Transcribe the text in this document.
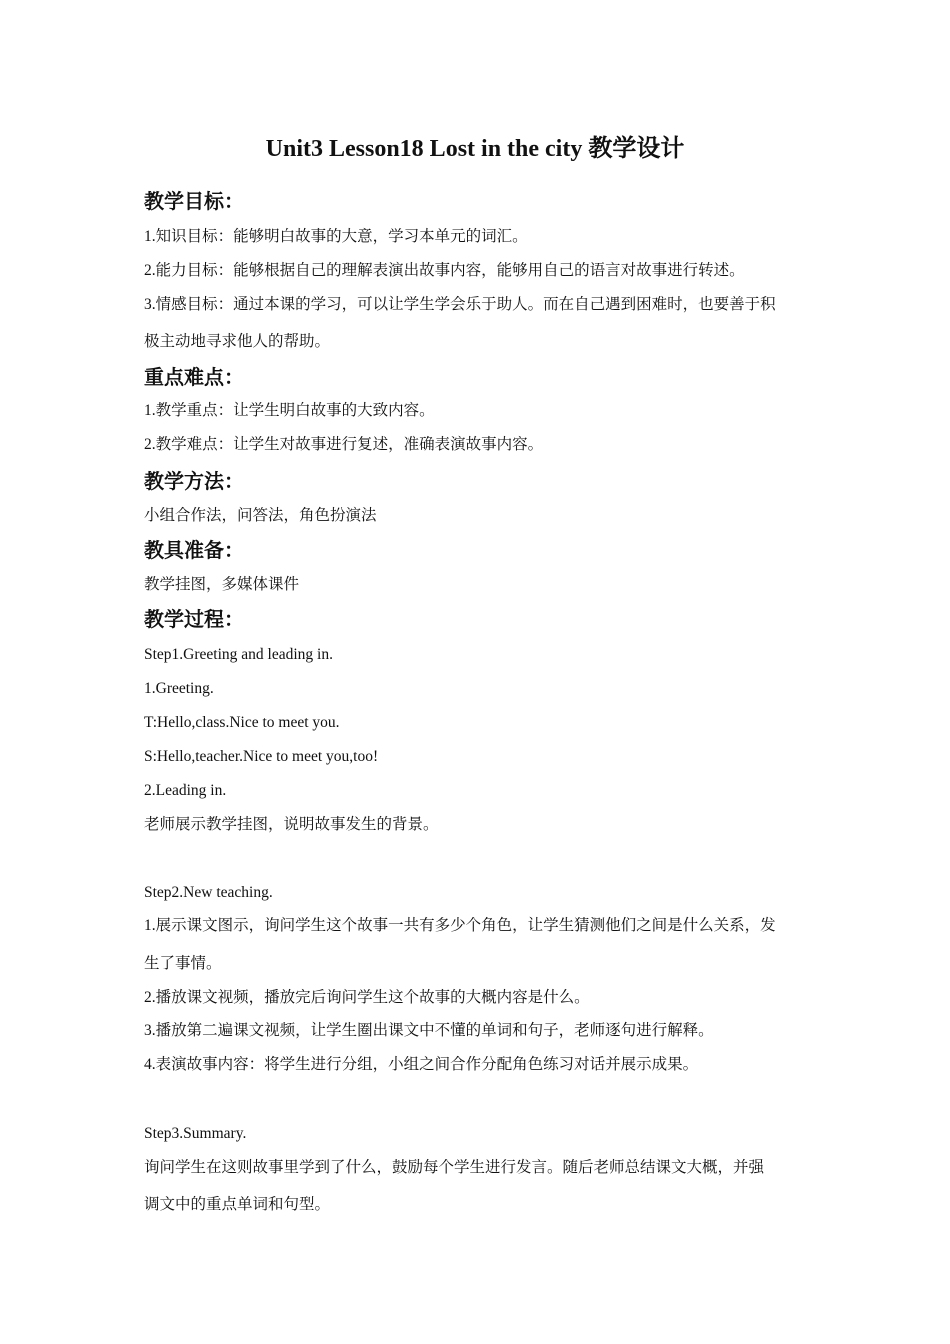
Unit3 Lesson18 Lost in the city 教学设计
教学目标：
1.知识目标：能够明白故事的大意，学习本单元的词汇。
2.能力目标：能够根据自己的理解表演出故事内容，能够用自己的语言对故事进行转述。
3.情感目标：通过本课的学习，可以让学生学会乐于助人。而在自己遇到困难时，也要善于积
极主动地寻求他人的帮助。
重点难点：
1.教学重点：让学生明白故事的大致内容。
2.教学难点：让学生对故事进行复述，准确表演故事内容。
教学方法：
小组合作法，问答法，角色扮演法
教具准备：
教学挂图，多媒体课件
教学过程：
Step1.Greeting and leading in.
1.Greeting.
T:Hello,class.Nice to meet you.
S:Hello,teacher.Nice to meet you,too!
2.Leading in.
老师展示教学挂图，说明故事发生的背景。
Step2.New teaching.
1.展示课文图示，询问学生这个故事一共有多少个角色，让学生猜测他们之间是什么关系，发
生了事情。
2.播放课文视频，播放完后询问学生这个故事的大概内容是什么。
3.播放第二遍课文视频，让学生圈出课文中不懂的单词和句子，老师逐句进行解释。
4.表演故事内容：将学生进行分组，小组之间合作分配角色练习对话并展示成果。
Step3.Summary.
询问学生在这则故事里学到了什么，鼓励每个学生进行发言。随后老师总结课文大概，并强
调文中的重点单词和句型。
